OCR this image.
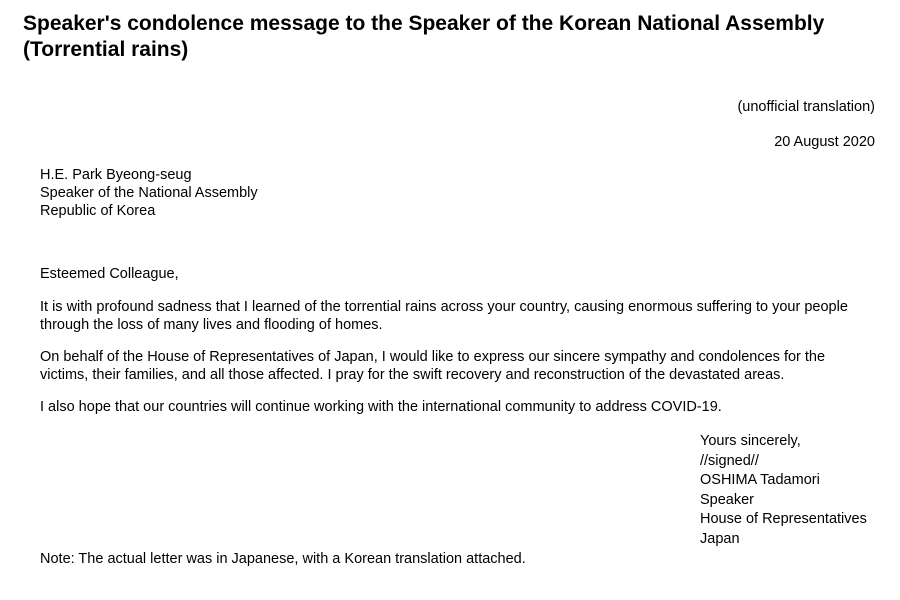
Speaker's condolence message to the Speaker of the Korean National Assembly (Torrential rains)
(unofficial translation)
20 August 2020
H.E. Park Byeong-seug
Speaker of the National Assembly
Republic of Korea

Esteemed Colleague,

It is with profound sadness that I learned of the torrential rains across your country, causing enormous suffering to your people through the loss of many lives and flooding of homes.

On behalf of the House of Representatives of Japan, I would like to express our sincere sympathy and condolences for the victims, their families, and all those affected. I pray for the swift recovery and reconstruction of the devastated areas.

I also hope that our countries will continue working with the international community to address COVID-19.

Yours sincerely,
//signed//
OSHIMA Tadamori
Speaker
House of Representatives
Japan
Note: The actual letter was in Japanese, with a Korean translation attached.
